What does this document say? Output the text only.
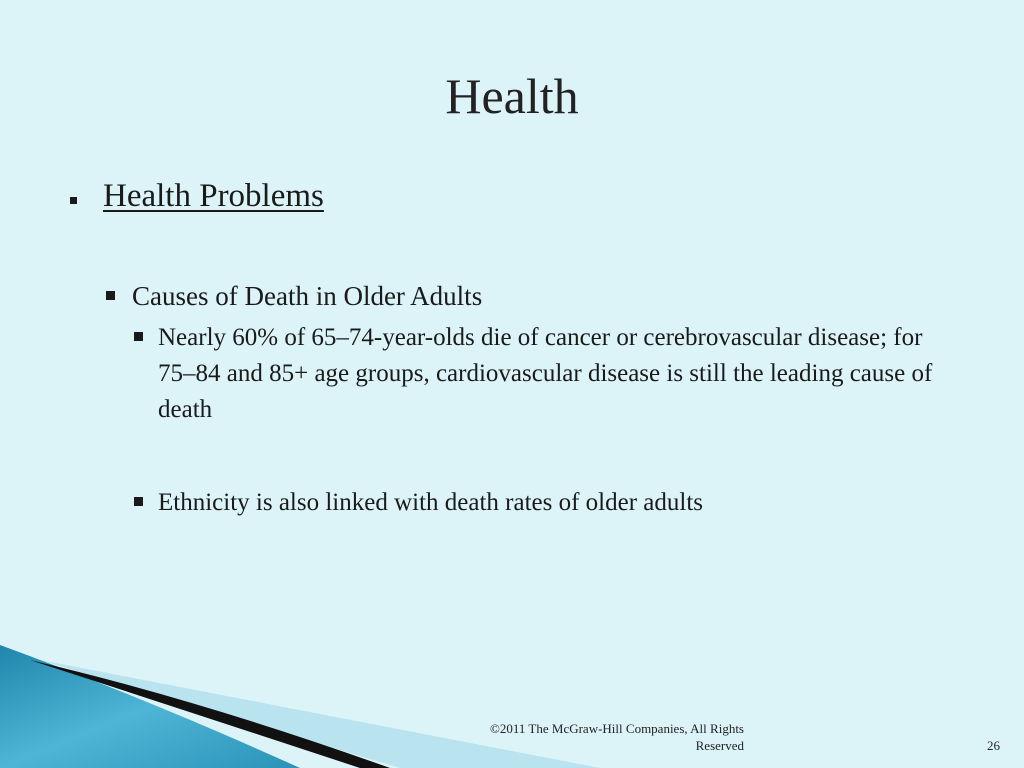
Health
Health Problems
Causes of Death in Older Adults
Nearly 60% of 65–74-year-olds die of cancer or cerebrovascular disease; for 75–84 and 85+ age groups, cardiovascular disease is still the leading cause of death
Ethnicity is also linked with death rates of older adults
©2011 The McGraw-Hill Companies, All Rights Reserved	26
